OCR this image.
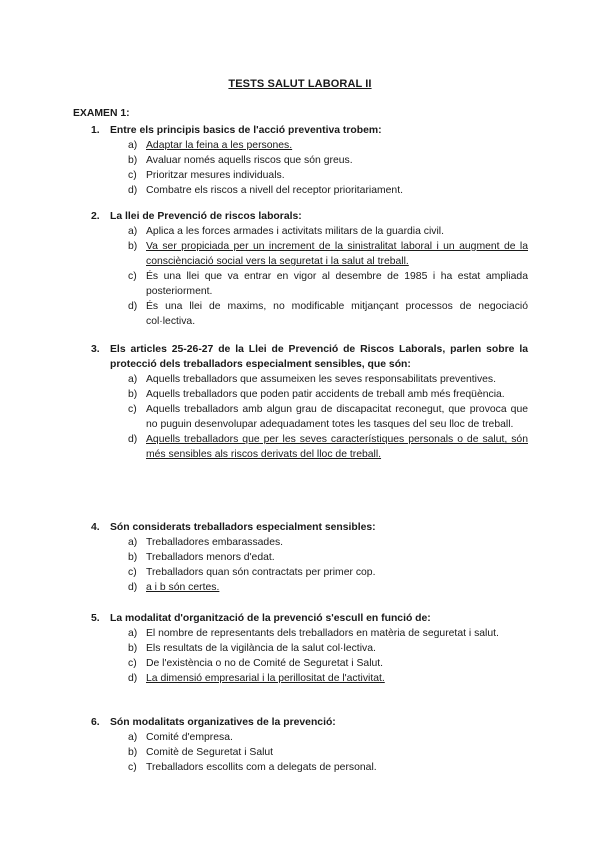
TESTS SALUT LABORAL II
EXAMEN 1:
1. Entre els principis basics de l'acció preventiva trobem:
a) Adaptar la feina a les persones.
b) Avaluar només aquells riscos que són greus.
c) Prioritzar mesures individuals.
d) Combatre els riscos a nivell del receptor prioritariament.
2. La llei de Prevenció de riscos laborals:
a) Aplica a les forces armades i activitats militars de la guardia civil.
b) Va ser propiciada per un increment de la sinistralitat laboral i un augment de la consciènciació social vers la seguretat i la salut al treball.
c) És una llei que va entrar en vigor al desembre de 1985 i ha estat ampliada posteriorment.
d) És una llei de maxims, no modificable mitjançant processos de negociació col·lectiva.
3. Els articles 25-26-27 de la Llei de Prevenció de Riscos Laborals, parlen sobre la protecció dels treballadors especialment sensibles, que són:
a) Aquells treballadors que assumeixen les seves responsabilitats preventives.
b) Aquells treballadors que poden patir accidents de treball amb més freqüència.
c) Aquells treballadors amb algun grau de discapacitat reconegut, que provoca que no puguin desenvolupar adequadament totes les tasques del seu lloc de treball.
d) Aquells treballadors que per les seves característiques personals o de salut, són més sensibles als riscos derivats del lloc de treball.
4. Són considerats treballadors especialment sensibles:
a) Treballadores embarassades.
b) Treballadors menors d'edat.
c) Treballadors quan són contractats per primer cop.
d) a i b són certes.
5. La modalitat d'organització de la prevenció s'escull en funció de:
a) El nombre de representants dels treballadors en matèria de seguretat i salut.
b) Els resultats de la vigilància de la salut col·lectiva.
c) De l'existència o no de Comité de Seguretat i Salut.
d) La dimensió empresarial i la perillositat de l'activitat.
6. Són modalitats organizatives de la prevenció:
a) Comité d'empresa.
b) Comitè de Seguretat i Salut
c) Treballadors escollits com a delegats de personal.
